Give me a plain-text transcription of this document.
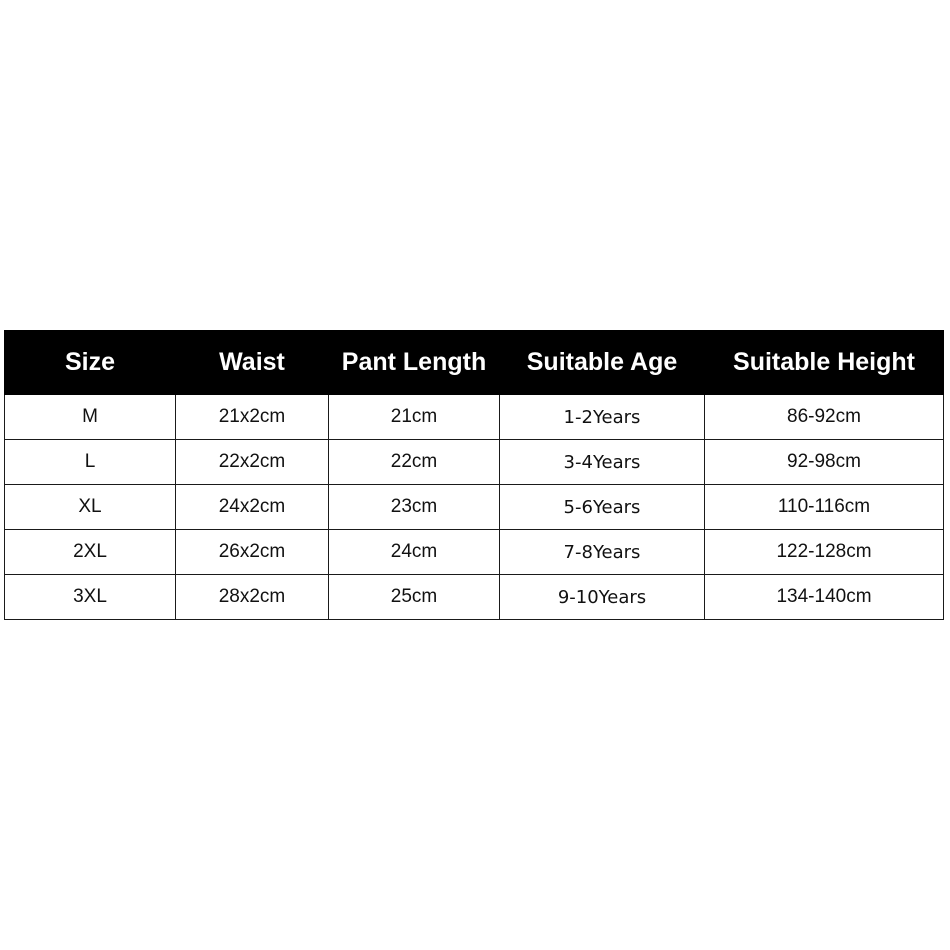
Size	Waist	Pant Length	Suitable Age	Suitable Height
M	21x2cm	21cm	1-2Years	86-92cm
L	22x2cm	22cm	3-4Years	92-98cm
XL	24x2cm	23cm	5-6Years	110-116cm
2XL	26x2cm	24cm	7-8Years	122-128cm
3XL	28x2cm	25cm	9-10Years	134-140cm
